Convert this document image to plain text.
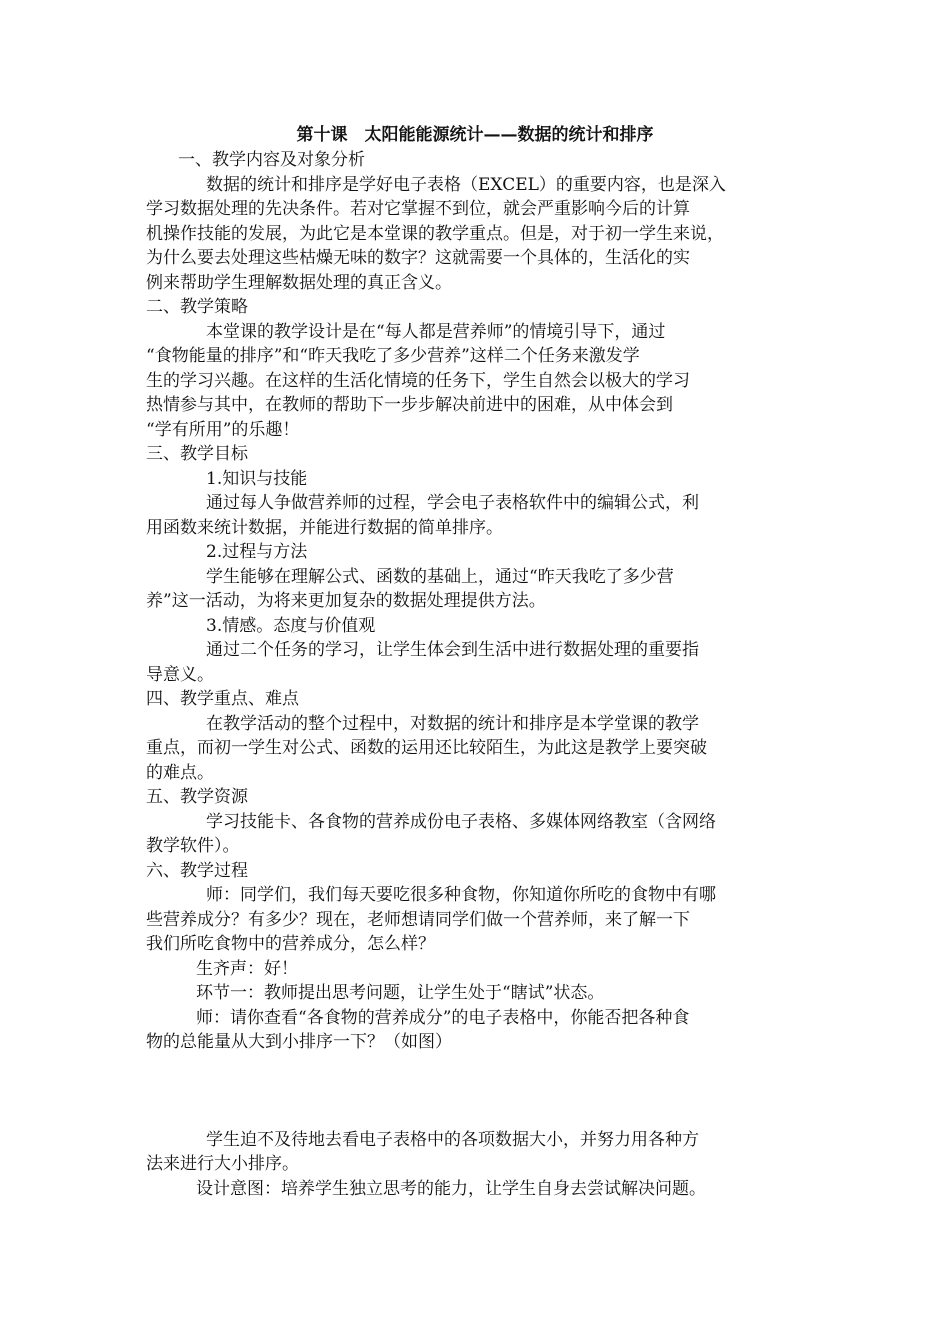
第十课　太阳能能源统计——数据的统计和排序
一、教学内容及对象分析
数据的统计和排序是学好电子表格（EXCEL）的重要内容，也是深入
学习数据处理的先决条件。若对它掌握不到位，就会严重影响今后的计算
机操作技能的发展，为此它是本堂课的教学重点。但是，对于初一学生来说，
为什么要去处理这些枯燥无味的数字？这就需要一个具体的，生活化的实
例来帮助学生理解数据处理的真正含义。
二、教学策略
本堂课的教学设计是在“每人都是营养师”的情境引导下，通过
“食物能量的排序”和“昨天我吃了多少营养”这样二个任务来激发学
生的学习兴趣。在这样的生活化情境的任务下，学生自然会以极大的学习
热情参与其中，在教师的帮助下一步步解决前进中的困难，从中体会到
“学有所用”的乐趣！
三、教学目标
1.知识与技能
通过每人争做营养师的过程，学会电子表格软件中的编辑公式，利
用函数来统计数据，并能进行数据的简单排序。
2.过程与方法
学生能够在理解公式、函数的基础上，通过“昨天我吃了多少营
养”这一活动，为将来更加复杂的数据处理提供方法。
3.情感。态度与价值观
通过二个任务的学习，让学生体会到生活中进行数据处理的重要指
导意义。
四、教学重点、难点
在教学活动的整个过程中，对数据的统计和排序是本学堂课的教学
重点，而初一学生对公式、函数的运用还比较陌生，为此这是教学上要突破
的难点。
五、教学资源
学习技能卡、各食物的营养成份电子表格、多媒体网络教室（含网络
教学软件）。
六、教学过程
师：同学们，我们每天要吃很多种食物，你知道你所吃的食物中有哪
些营养成分？有多少？现在，老师想请同学们做一个营养师，来了解一下
我们所吃食物中的营养成分，怎么样？
生齐声：好！
环节一：教师提出思考问题，让学生处于“瞎试”状态。
师：请你查看“各食物的营养成分”的电子表格中，你能否把各种食
物的总能量从大到小排序一下？（如图）
学生迫不及待地去看电子表格中的各项数据大小，并努力用各种方
法来进行大小排序。
设计意图：培养学生独立思考的能力，让学生自身去尝试解决问题。
